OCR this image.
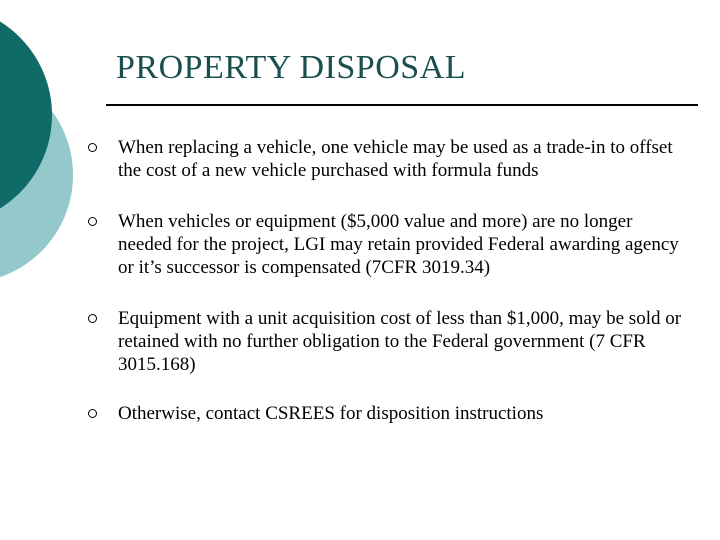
PROPERTY DISPOSAL
When replacing a vehicle, one vehicle may be used as a trade-in to offset the cost of a new vehicle purchased with formula funds
When vehicles or equipment ($5,000 value and more) are no longer needed for the project, LGI may retain provided Federal awarding agency or it’s successor is compensated (7CFR 3019.34)
Equipment with a unit acquisition cost of less than $1,000, may be sold or retained with no further obligation to the Federal government (7 CFR 3015.168)
Otherwise, contact CSREES for disposition instructions
